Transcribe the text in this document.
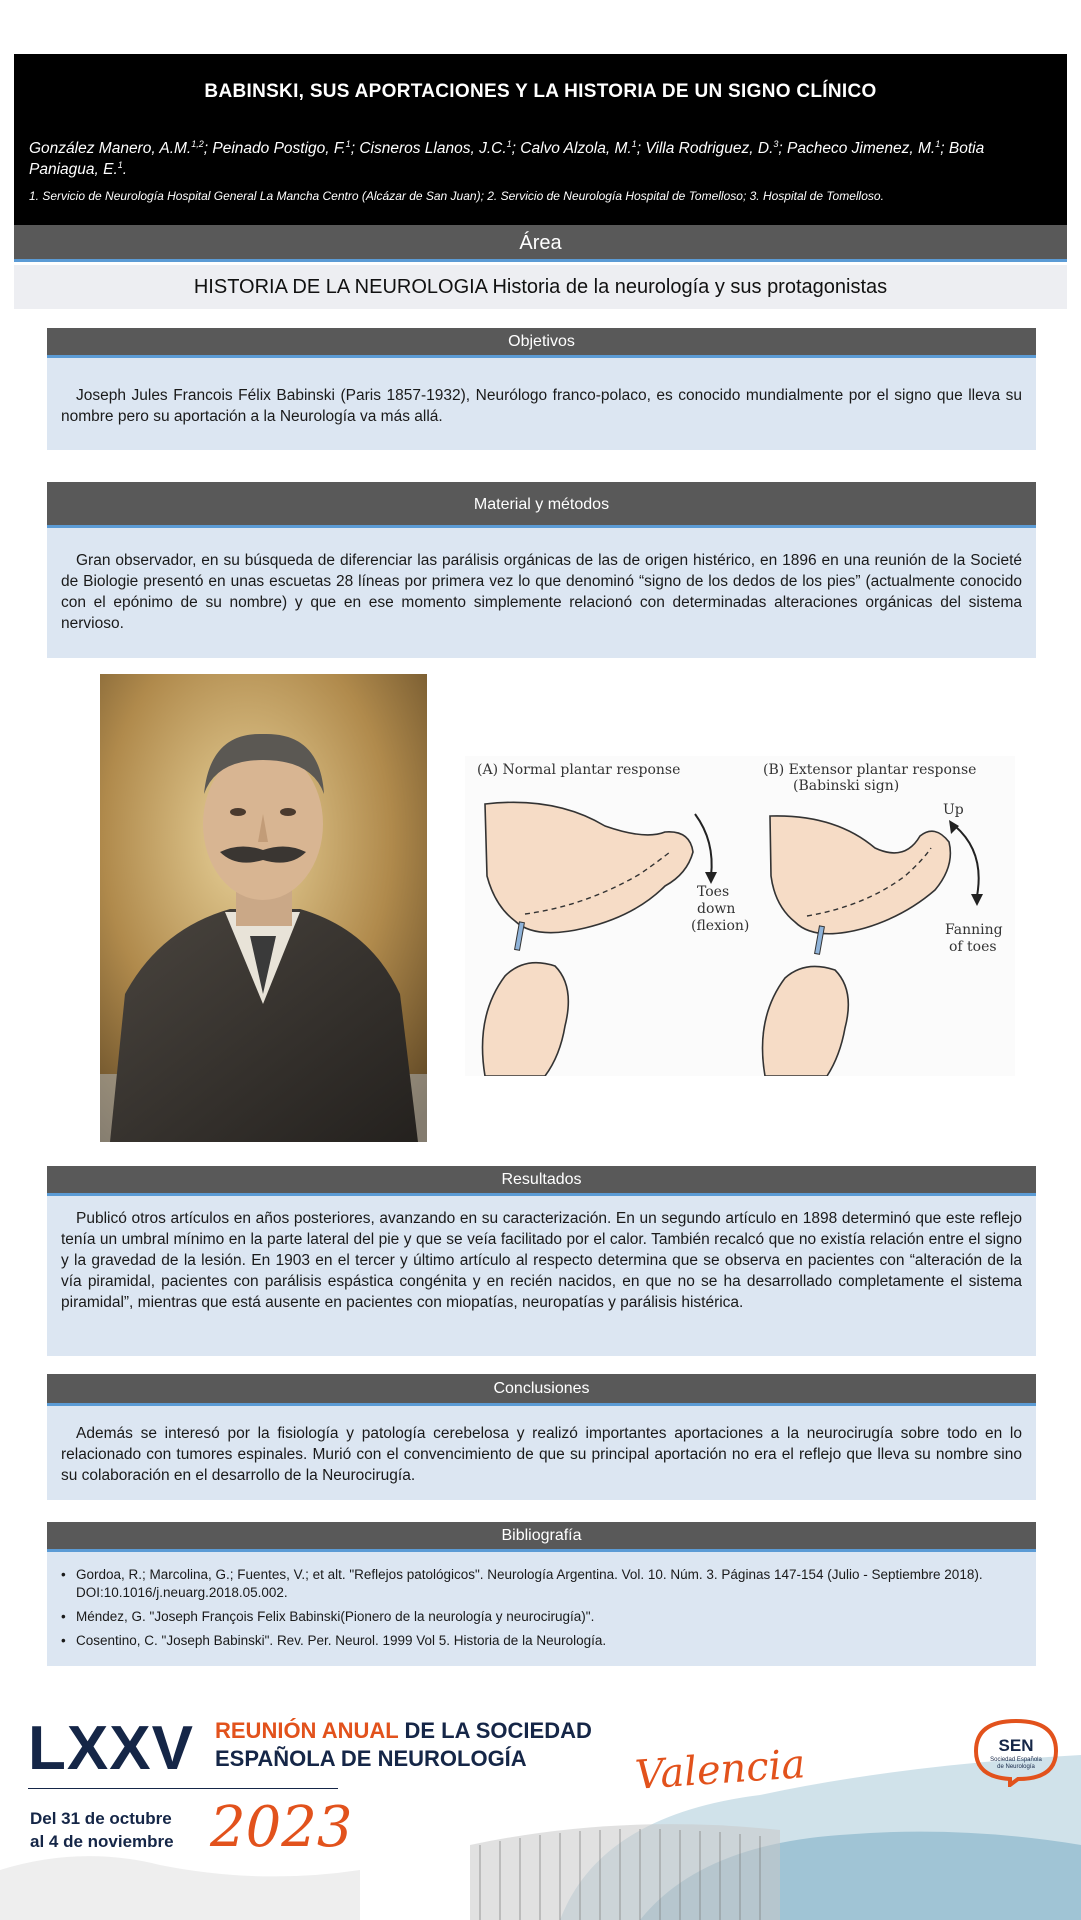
BABINSKI, SUS APORTACIONES Y LA HISTORIA DE UN SIGNO CLÍNICO
González Manero, A.M.$^{1,2}$; Peinado Postigo, F.$^1$; Cisneros Llanos, J.C.$^1$; Calvo Alzola, M.$^1$; Villa Rodriguez, D.$^3$; Pacheco Jimenez, M.$^1$; Botia Paniagua, E.$^1$.
1. Servicio de Neurología Hospital General La Mancha Centro (Alcázar de San Juan); 2. Servicio de Neurología Hospital de Tomelloso; 3. Hospital de Tomelloso.
Área
HISTORIA DE LA NEUROLOGIA Historia de la neurología y sus protagonistas
Objetivos

Joseph Jules Francois Félix Babinski (Paris 1857-1932), Neurólogo franco-polaco, es conocido mundialmente por el signo que lleva su nombre pero su aportación a la Neurología va más allá.

Material y métodos

Gran observador, en su búsqueda de diferenciar las parálisis orgánicas de las de origen histérico, en 1896 en una reunión de la Societé de Biologie presentó en unas escuetas 28 líneas por primera vez lo que denominó “signo de los dedos de los pies” (actualmente conocido con el epónimo de su nombre) y que en ese momento simplemente relacionó con determinadas alteraciones orgánicas del sistema nervioso.

(A) Normal plantar response	(B) Extensor plantar response
(Babinski sign)
Toes
down
(flexion)
Up
Fanning
of toes
Resultados

Publicó otros artículos en años posteriores, avanzando en su caracterización. En un segundo artículo en 1898 determinó que este reflejo tenía un umbral mínimo en la parte lateral del pie y que se veía facilitado por el calor. También recalcó que no existía relación entre el signo y la gravedad de la lesión. En 1903 en el tercer y último artículo al respecto determina que se observa en pacientes con “alteración de la vía piramidal, pacientes con parálisis espástica congénita y en recién nacidos, en que no se ha desarrollado completamente el sistema piramidal”, mientras que está ausente en pacientes con miopatías, neuropatías y parálisis histérica.

Conclusiones

Además se interesó por la fisiología y patología cerebelosa y realizó importantes aportaciones a la neurocirugía sobre todo en lo relacionado con tumores espinales. Murió con el convencimiento de que su principal aportación no era el reflejo que lleva su nombre sino su colaboración en el desarrollo de la Neurocirugía.

Bibliografía
• Gordoa, R.; Marcolina, G.; Fuentes, V.; et alt. "Reflejos patológicos". Neurología Argentina. Vol. 10. Núm. 3. Páginas 147-154 (Julio - Septiembre 2018). DOI:10.1016/j.neuarg.2018.05.002.
• Méndez, G. "Joseph François Felix Babinski(Pionero de la neurología y neurocirugía)".
• Cosentino, C. "Joseph Babinski". Rev. Per. Neurol. 1999 Vol 5. Historia de la Neurología.
LXXV REUNIÓN ANUAL DE LA SOCIEDAD
ESPAÑOLA DE NEUROLOGÍA
Del 31 de octubre
al 4 de noviembre 2023
Valencia	SEN
Sociedad Española
de Neurología
